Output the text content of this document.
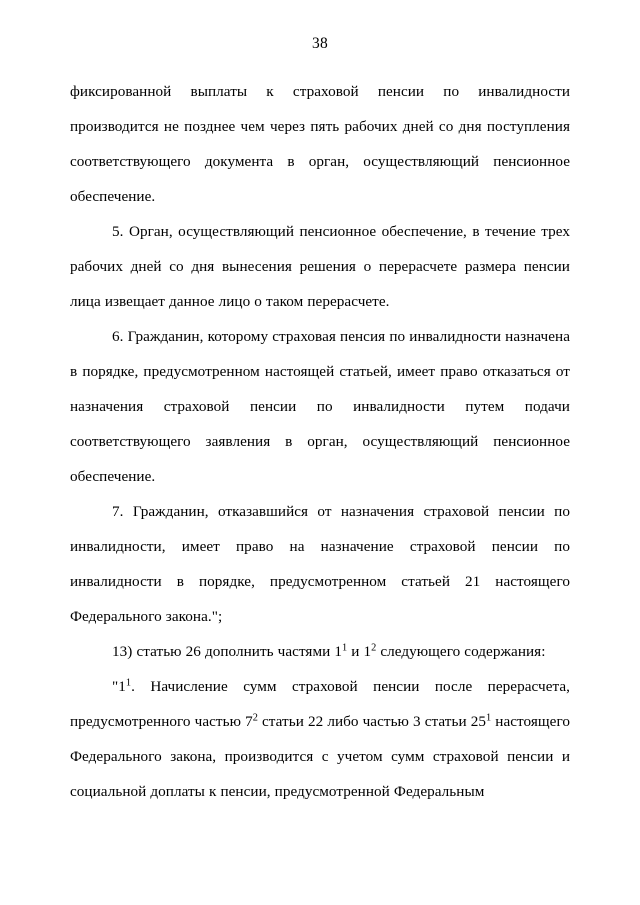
38

фиксированной выплаты к страховой пенсии по инвалидности производится не позднее чем через пять рабочих дней со дня поступления соответствующего документа в орган, осуществляющий пенсионное обеспечение.

5. Орган, осуществляющий пенсионное обеспечение, в течение трех рабочих дней со дня вынесения решения о перерасчете размера пенсии лица извещает данное лицо о таком перерасчете.

6. Гражданин, которому страховая пенсия по инвалидности назначена в порядке, предусмотренном настоящей статьей, имеет право отказаться от назначения страховой пенсии по инвалидности путем подачи соответствующего заявления в орган, осуществляющий пенсионное обеспечение.

7. Гражданин, отказавшийся от назначения страховой пенсии по инвалидности, имеет право на назначение страховой пенсии по инвалидности в порядке, предусмотренном статьей 21 настоящего Федерального закона.";

13) статью 26 дополнить частями $1^1$ и $1^2$ следующего содержания:

"$1^1$. Начисление сумм страховой пенсии после перерасчета, предусмотренного частью $7^2$ статьи 22 либо частью 3 статьи $25^1$ настоящего Федерального закона, производится с учетом сумм страховой пенсии и социальной доплаты к пенсии, предусмотренной Федеральным
